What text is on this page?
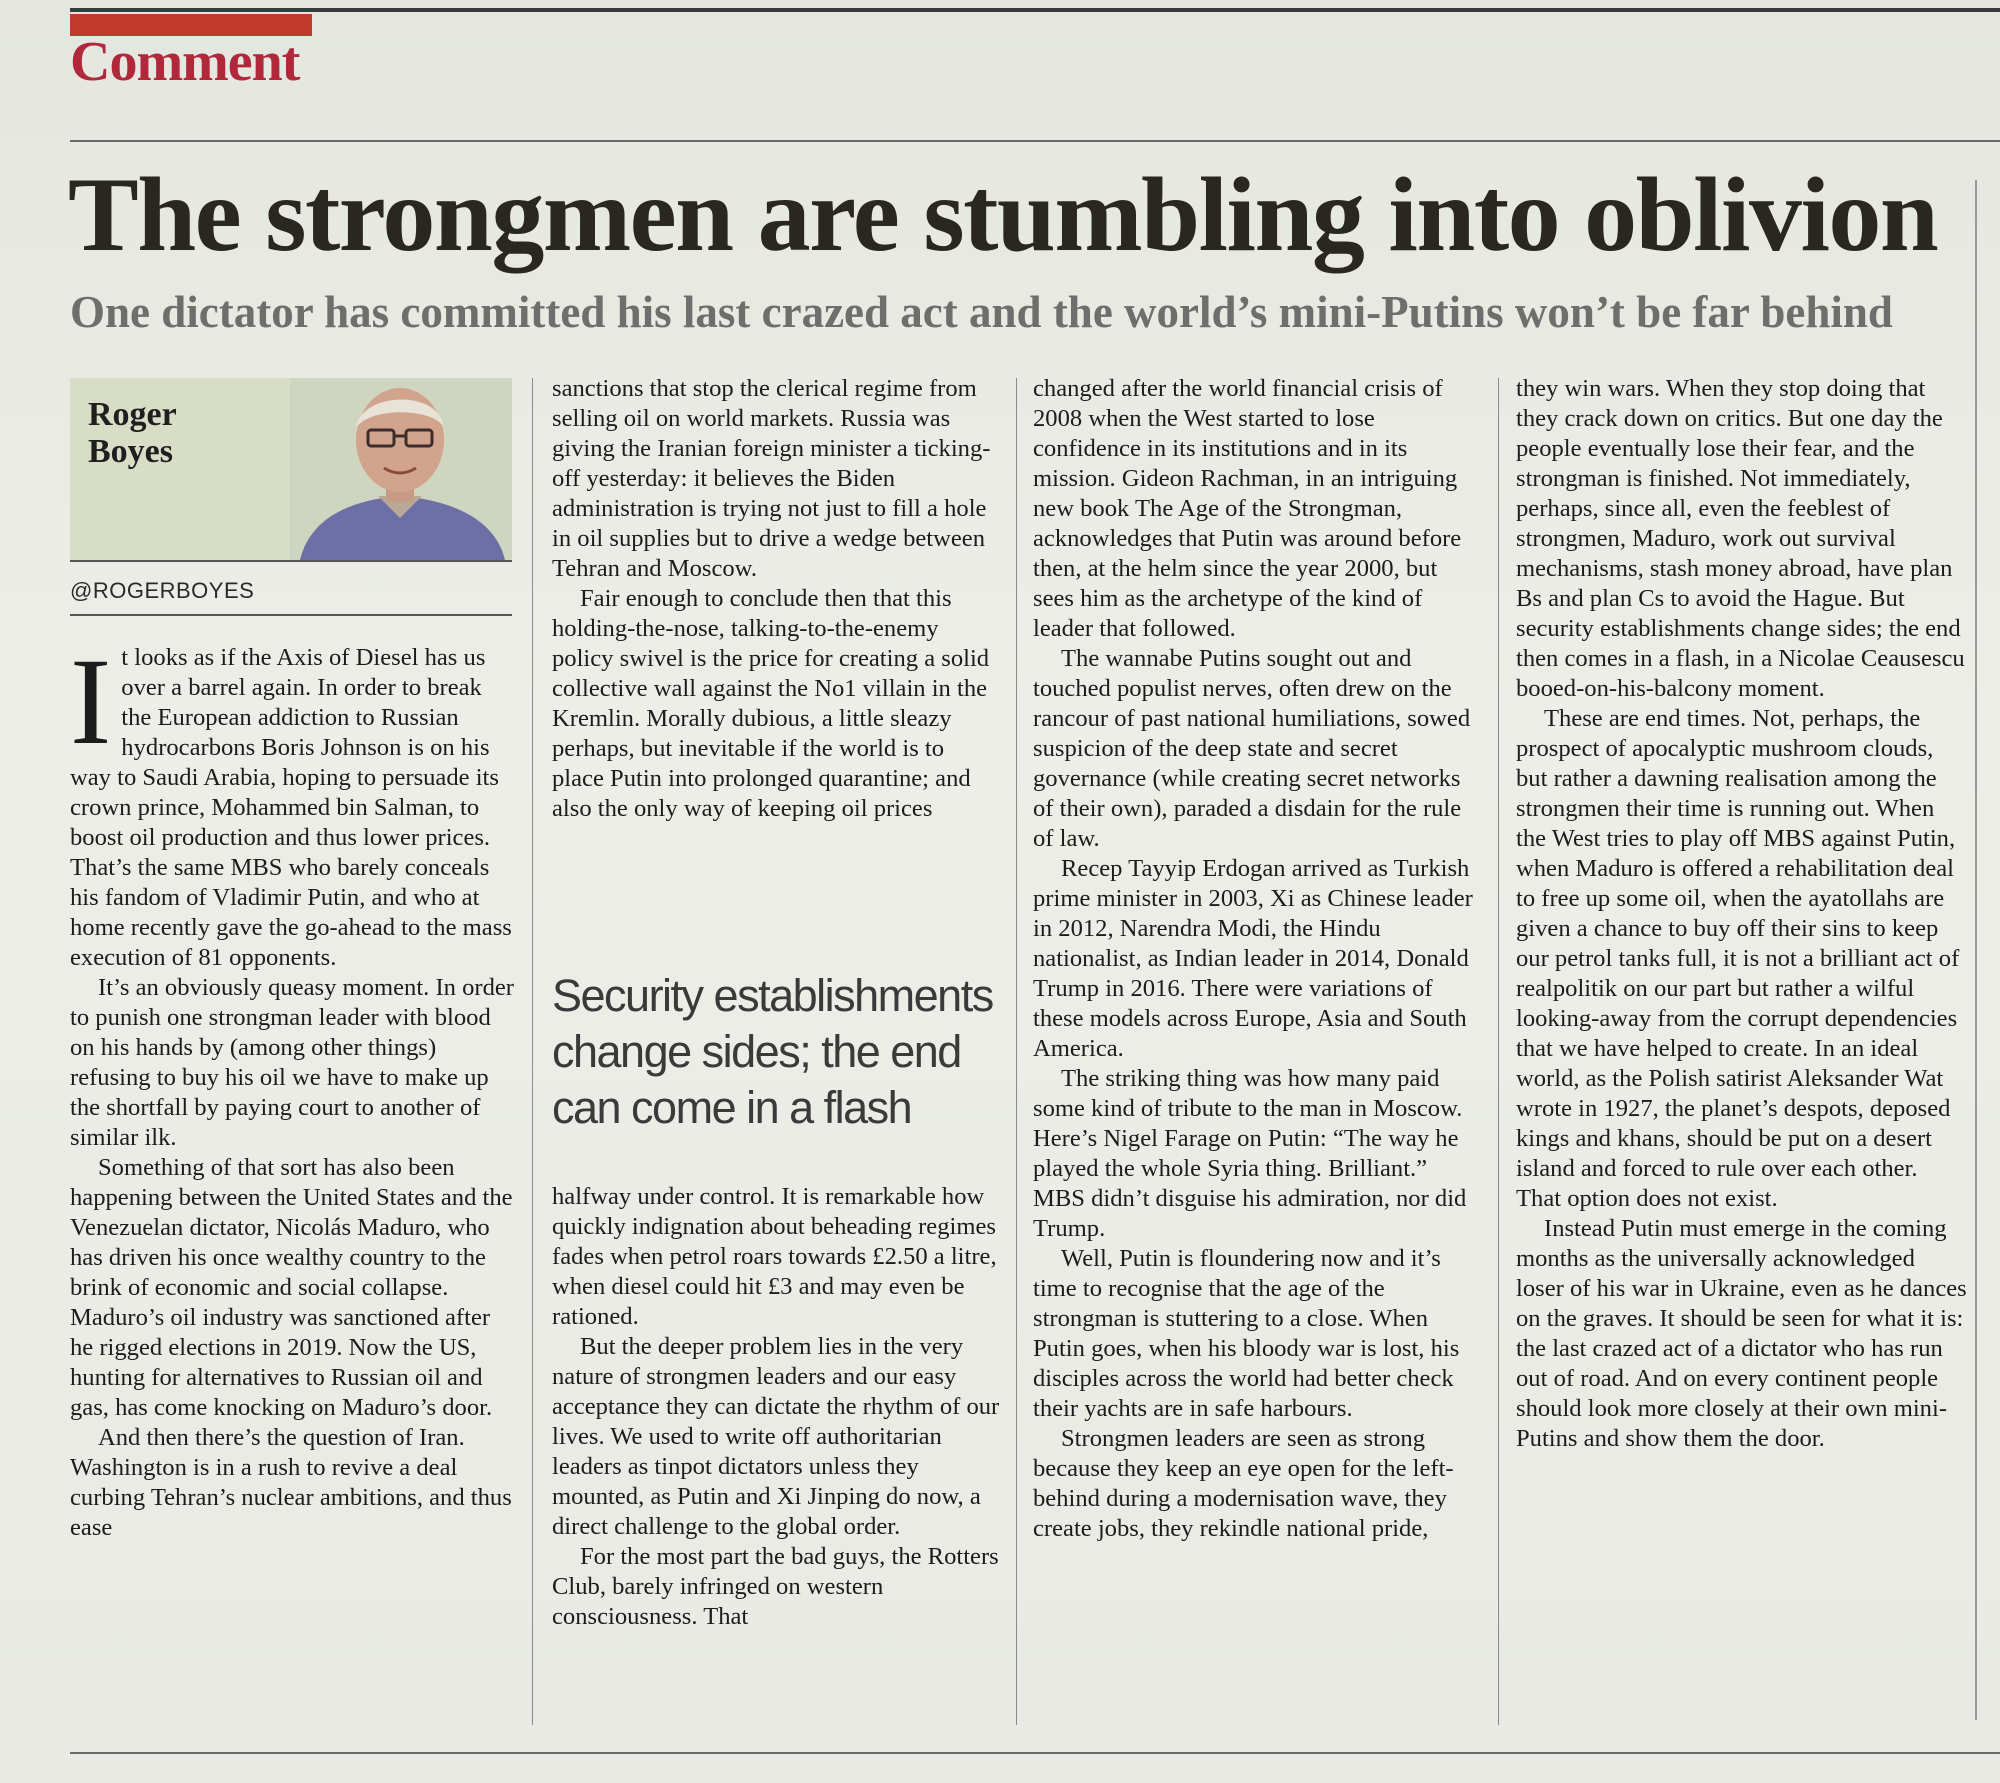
Comment
The strongmen are stumbling into oblivion
One dictator has committed his last crazed act and the world’s mini-Putins won’t be far behind
Roger
Boyes
@ROGERBOYES

It looks as if the Axis of Diesel has us over a barrel again. In order to break the European addiction to Russian hydrocarbons Boris Johnson is on his way to Saudi Arabia, hoping to persuade its crown prince, Mohammed bin Salman, to boost oil production and thus lower prices. That’s the same MBS who barely conceals his fandom of Vladimir Putin, and who at home recently gave the go-ahead to the mass execution of 81 opponents.

It’s an obviously queasy moment. In order to punish one strongman leader with blood on his hands by (among other things) refusing to buy his oil we have to make up the shortfall by paying court to another of similar ilk.

Something of that sort has also been happening between the United States and the Venezuelan dictator, Nicolás Maduro, who has driven his once wealthy country to the brink of economic and social collapse. Maduro’s oil industry was sanctioned after he rigged elections in 2019. Now the US, hunting for alternatives to Russian oil and gas, has come knocking on Maduro’s door.

And then there’s the question of Iran. Washington is in a rush to revive a deal curbing Tehran’s nuclear ambitions, and thus ease

sanctions that stop the clerical regime from selling oil on world markets. Russia was giving the Iranian foreign minister a ticking-off yesterday: it believes the Biden administration is trying not just to fill a hole in oil supplies but to drive a wedge between Tehran and Moscow.

Fair enough to conclude then that this holding-the-nose, talking-to-the-enemy policy swivel is the price for creating a solid collective wall against the No1 villain in the Kremlin. Morally dubious, a little sleazy perhaps, but inevitable if the world is to place Putin into prolonged quarantine; and also the only way of keeping oil prices

Security establishments change sides; the end can come in a flash

halfway under control. It is remarkable how quickly indignation about beheading regimes fades when petrol roars towards £2.50 a litre, when diesel could hit £3 and may even be rationed.

But the deeper problem lies in the very nature of strongmen leaders and our easy acceptance they can dictate the rhythm of our lives. We used to write off authoritarian leaders as tinpot dictators unless they mounted, as Putin and Xi Jinping do now, a direct challenge to the global order.

For the most part the bad guys, the Rotters Club, barely infringed on western consciousness. That

changed after the world financial crisis of 2008 when the West started to lose confidence in its institutions and in its mission. Gideon Rachman, in an intriguing new book The Age of the Strongman, acknowledges that Putin was around before then, at the helm since the year 2000, but sees him as the archetype of the kind of leader that followed.

The wannabe Putins sought out and touched populist nerves, often drew on the rancour of past national humiliations, sowed suspicion of the deep state and secret governance (while creating secret networks of their own), paraded a disdain for the rule of law.

Recep Tayyip Erdogan arrived as Turkish prime minister in 2003, Xi as Chinese leader in 2012, Narendra Modi, the Hindu nationalist, as Indian leader in 2014, Donald Trump in 2016. There were variations of these models across Europe, Asia and South America.

The striking thing was how many paid some kind of tribute to the man in Moscow. Here’s Nigel Farage on Putin: “The way he played the whole Syria thing. Brilliant.” MBS didn’t disguise his admiration, nor did Trump.

Well, Putin is floundering now and it’s time to recognise that the age of the strongman is stuttering to a close. When Putin goes, when his bloody war is lost, his disciples across the world had better check their yachts are in safe harbours.

Strongmen leaders are seen as strong because they keep an eye open for the left-behind during a modernisation wave, they create jobs, they rekindle national pride,

they win wars. When they stop doing that they crack down on critics. But one day the people eventually lose their fear, and the strongman is finished. Not immediately, perhaps, since all, even the feeblest of strongmen, Maduro, work out survival mechanisms, stash money abroad, have plan Bs and plan Cs to avoid the Hague. But security establishments change sides; the end then comes in a flash, in a Nicolae Ceausescu booed-on-his-balcony moment.

These are end times. Not, perhaps, the prospect of apocalyptic mushroom clouds, but rather a dawning realisation among the strongmen their time is running out. When the West tries to play off MBS against Putin, when Maduro is offered a rehabilitation deal to free up some oil, when the ayatollahs are given a chance to buy off their sins to keep our petrol tanks full, it is not a brilliant act of realpolitik on our part but rather a wilful looking-away from the corrupt dependencies that we have helped to create. In an ideal world, as the Polish satirist Aleksander Wat wrote in 1927, the planet’s despots, deposed kings and khans, should be put on a desert island and forced to rule over each other. That option does not exist.

Instead Putin must emerge in the coming months as the universally acknowledged loser of his war in Ukraine, even as he dances on the graves. It should be seen for what it is: the last crazed act of a dictator who has run out of road. And on every continent people should look more closely at their own mini-Putins and show them the door.
